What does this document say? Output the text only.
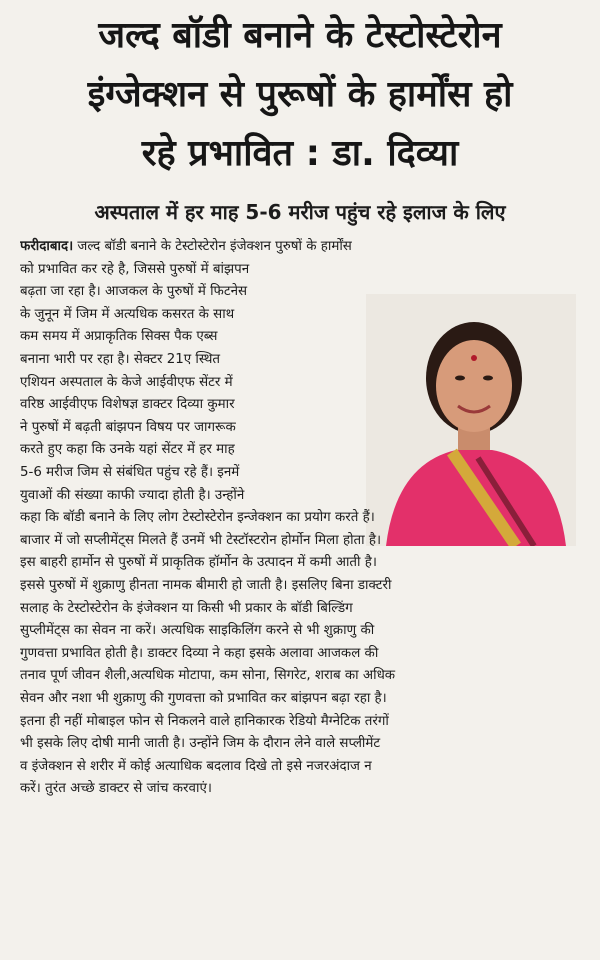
जल्द बॉडी बनाने के टेस्टोस्टेरोन
इंग्जेक्शन से पुरूषों के हार्मोंस हो
रहे प्रभावित : डा. दिव्या
अस्पताल में हर माह 5-6 मरीज पहुंच रहे इलाज के लिए
फरीदाबाद। जल्द बॉडी बनाने के टेस्टोस्टेरोन इंजेक्शन पुरुषों के हार्मोंस
को प्रभावित कर रहे है, जिससे पुरुषों में बांझपन
बढ़ता जा रहा है। आजकल के पुरुषों में फिटनेस
के जुनून में जिम में अत्यधिक कसरत के साथ
कम समय में अप्राकृतिक सिक्स पैक एब्स
बनाना भारी पर रहा है। सेक्टर 21ए स्थित
एशियन अस्पताल के केजे आईवीएफ सेंटर में
वरिष्ठ आईवीएफ विशेषज्ञ डाक्टर दिव्या कुमार
ने पुरुषों में बढ़ती बांझपन विषय पर जागरूक
करते हुए कहा कि उनके यहां सेंटर में हर माह
5-6 मरीज जिम से संबंधित पहुंच रहे हैं। इनमें
युवाओं की संख्या काफी ज्यादा होती है। उन्होंने
कहा कि बॉडी बनाने के लिए लोग टेस्टोस्टेरोन इन्जेक्शन का प्रयोग करते हैं।
बाजार में जो सप्लीमेंट्स मिलते हैं उनमें भी टेस्टॉस्टरोन होर्मोन मिला होता है।
इस बाहरी हार्मोन से पुरुषों में प्राकृतिक हॉर्मोन के उत्पादन में कमी आती है।
इससे पुरुषों में शुक्राणु हीनता नामक बीमारी हो जाती है। इसलिए बिना डाक्टरी
सलाह के टेस्टोस्टेरोन के इंजेक्शन या किसी भी प्रकार के बॉडी बिल्डिंग
सुप्लीमेंट्स का सेवन ना करें। अत्यधिक साइकिलिंग करने से भी शुक्राणु की
गुणवत्ता प्रभावित होती है। डाक्टर दिव्या ने कहा इसके अलावा आजकल की
तनाव पूर्ण जीवन शैली,अत्यधिक मोटापा, कम सोना, सिगरेट, शराब का अधिक
सेवन और नशा भी शुक्राणु की गुणवत्ता को प्रभावित कर बांझपन बढ़ा रहा है।
इतना ही नहीं मोबाइल फोन से निकलने वाले हानिकारक रेडियो मैग्नेटिक तरंगों
भी इसके लिए दोषी मानी जाती है। उन्होंने जिम के दौरान लेने वाले सप्लीमेंट
व इंजेक्शन से शरीर में कोई अत्याधिक बदलाव दिखे तो इसे नजरअंदाज न
करें। तुरंत अच्छे डाक्टर से जांच करवाएं।
